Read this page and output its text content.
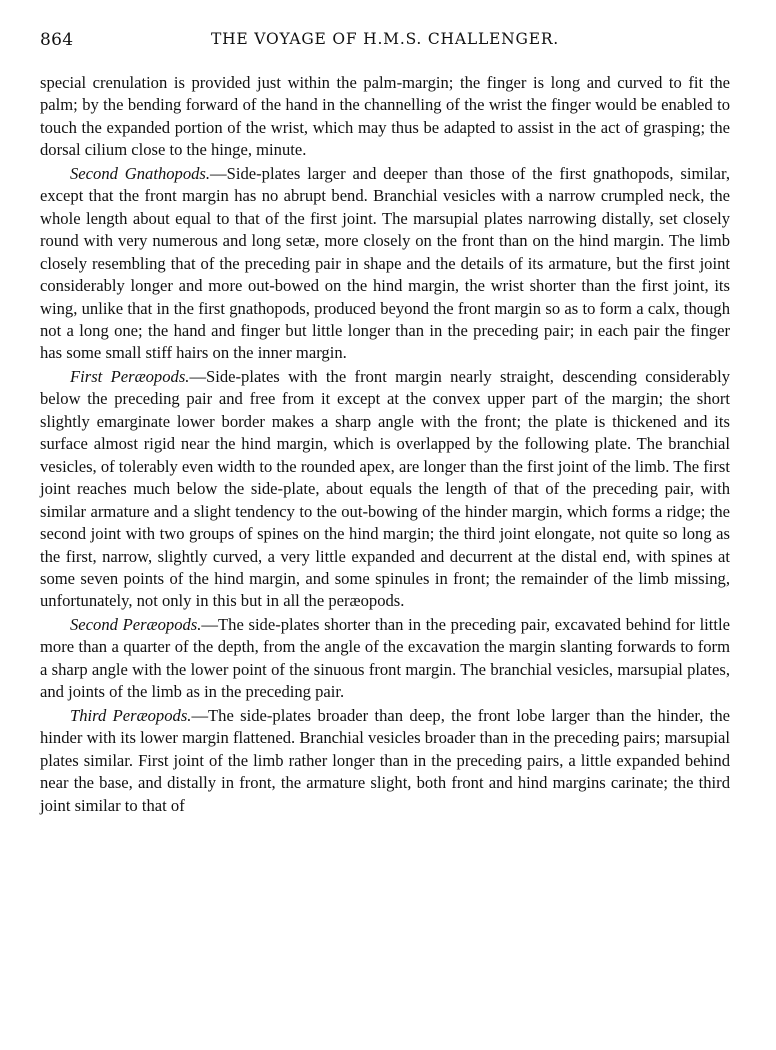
864	THE VOYAGE OF H.M.S. CHALLENGER.

special crenulation is provided just within the palm-margin; the finger is long and curved to fit the palm; by the bending forward of the hand in the channelling of the wrist the finger would be enabled to touch the expanded portion of the wrist, which may thus be adapted to assist in the act of grasping; the dorsal cilium close to the hinge, minute.

Second Gnathopods.—Side-plates larger and deeper than those of the first gnathopods, similar, except that the front margin has no abrupt bend. Branchial vesicles with a narrow crumpled neck, the whole length about equal to that of the first joint. The marsupial plates narrowing distally, set closely round with very numerous and long setæ, more closely on the front than on the hind margin. The limb closely resembling that of the preceding pair in shape and the details of its armature, but the first joint considerably longer and more out-bowed on the hind margin, the wrist shorter than the first joint, its wing, unlike that in the first gnathopods, produced beyond the front margin so as to form a calx, though not a long one; the hand and finger but little longer than in the preceding pair; in each pair the finger has some small stiff hairs on the inner margin.

First Peræopods.—Side-plates with the front margin nearly straight, descending considerably below the preceding pair and free from it except at the convex upper part of the margin; the short slightly emarginate lower border makes a sharp angle with the front; the plate is thickened and its surface almost rigid near the hind margin, which is overlapped by the following plate. The branchial vesicles, of tolerably even width to the rounded apex, are longer than the first joint of the limb. The first joint reaches much below the side-plate, about equals the length of that of the preceding pair, with similar armature and a slight tendency to the out-bowing of the hinder margin, which forms a ridge; the second joint with two groups of spines on the hind margin; the third joint elongate, not quite so long as the first, narrow, slightly curved, a very little expanded and decurrent at the distal end, with spines at some seven points of the hind margin, and some spinules in front; the remainder of the limb missing, unfortunately, not only in this but in all the peræopods.

Second Peræopods.—The side-plates shorter than in the preceding pair, excavated behind for little more than a quarter of the depth, from the angle of the excavation the margin slanting forwards to form a sharp angle with the lower point of the sinuous front margin. The branchial vesicles, marsupial plates, and joints of the limb as in the preceding pair.

Third Peræopods.—The side-plates broader than deep, the front lobe larger than the hinder, the hinder with its lower margin flattened. Branchial vesicles broader than in the preceding pairs; marsupial plates similar. First joint of the limb rather longer than in the preceding pairs, a little expanded behind near the base, and distally in front, the armature slight, both front and hind margins carinate; the third joint similar to that of
